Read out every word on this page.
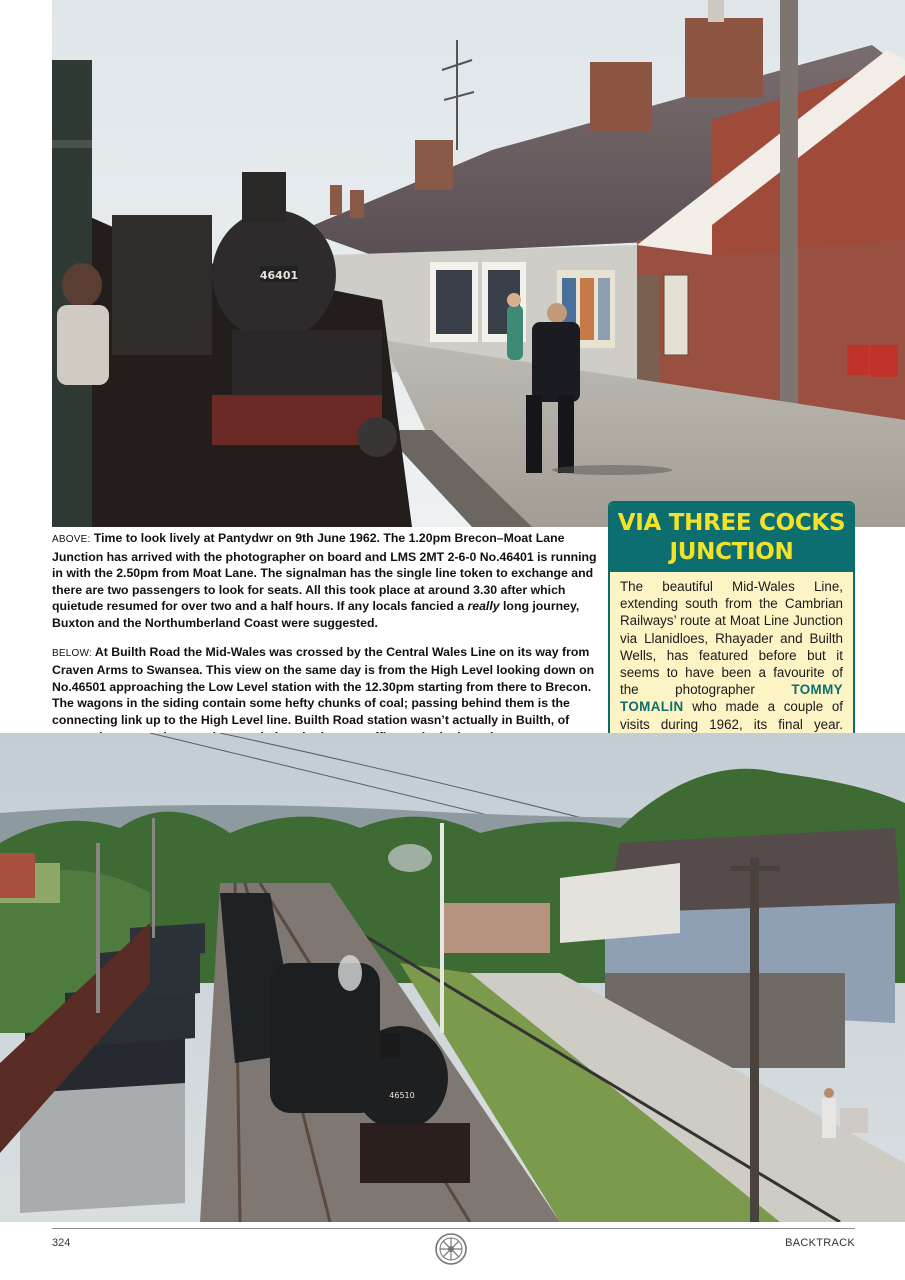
46401

ABOVE: Time to look lively at Pantydwr on 9th June 1962. The 1.20pm Brecon–Moat Lane Junction has arrived with the photographer on board and LMS 2MT 2-6-0 No.46401 is running in with the 2.50pm from Moat Lane. The signalman has the single line token to exchange and there are two passengers to look for seats. All this took place at around 3.30 after which quietude resumed for over two and a half hours. If any locals fancied a really long journey, Buxton and the Northumberland Coast were suggested.

BELOW: At Builth Road the Mid-Wales was crossed by the Central Wales Line on its way from Craven Arms to Swansea. This view on the same day is from the High Level looking down on No.46501 approaching the Low Level station with the 12.30pm starting from there to Brecon. The wagons in the siding contain some hefty chunks of coal; passing behind them is the connecting link up to the High Level line. Builth Road station wasn’t actually in Builth, of

VIA THREE COCKS
JUNCTION
The beautiful Mid-Wales Line, extending south from the Cambrian Railways’ route at Moat Line Junction via Llanidloes, Rhayader and Builth Wells, has featured before but it seems to have been a favourite of the photographer TOMMY TOMALIN who made a couple of visits during 1962, its final year.
46510
324	BACKTRACK
